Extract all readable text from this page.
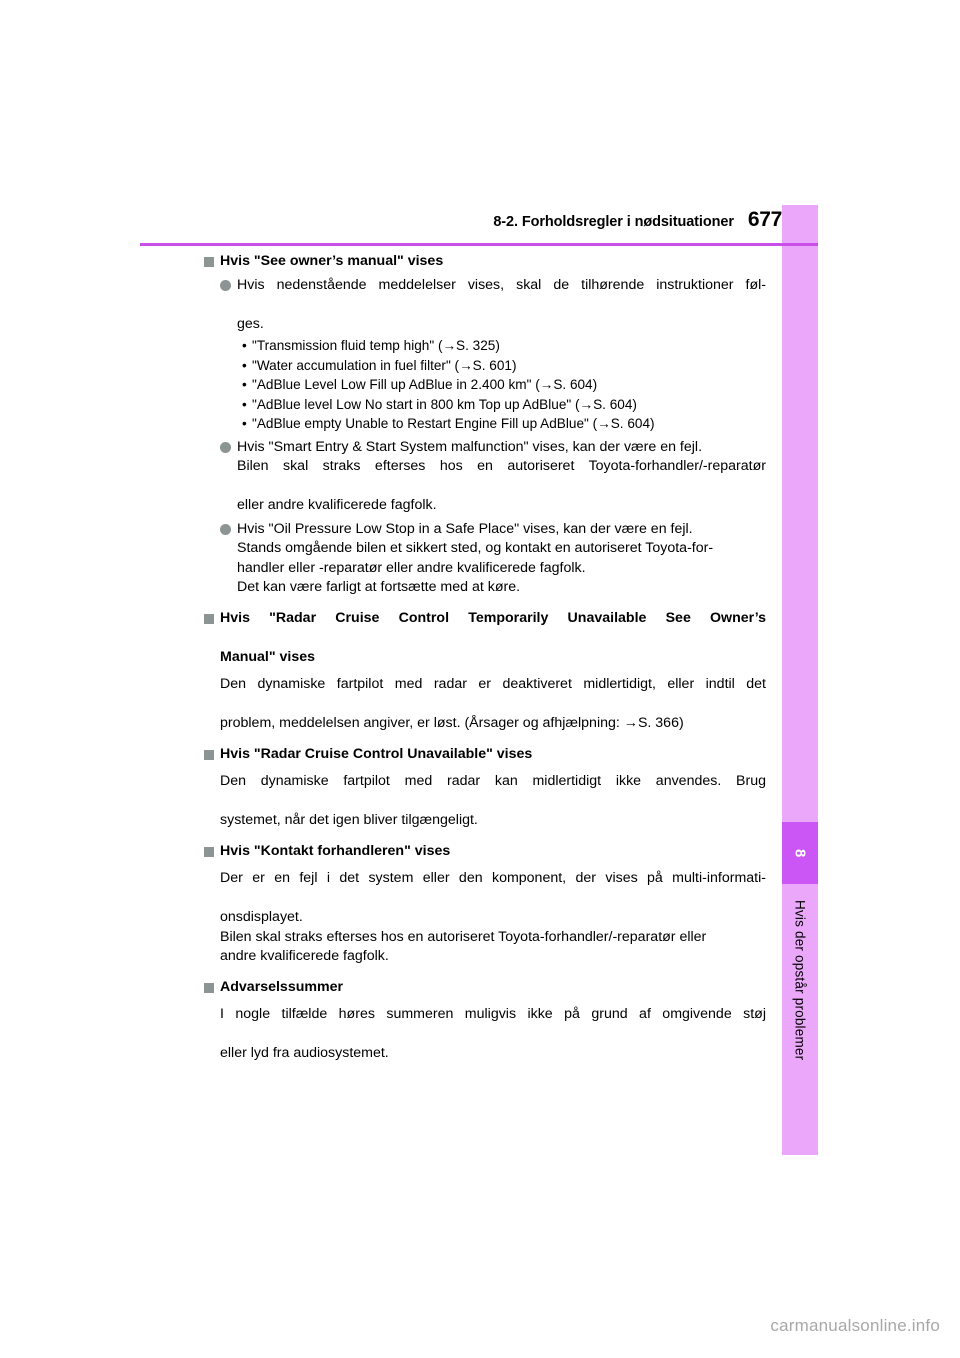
8
Hvis der opstår problemer
8-2. Forholdsregler i nødsituationer 677
Hvis "See owner’s manual" vises
Hvis nedenstående meddelelser vises, skal de tilhørende instruktioner føl-
ges.
• "Transmission fluid temp high" (→S. 325)
• "Water accumulation in fuel filter" (→S. 601)
• "AdBlue Level Low Fill up AdBlue in 2.400 km" (→S. 604)
• "AdBlue level Low No start in 800 km Top up AdBlue" (→S. 604)
• "AdBlue empty Unable to Restart Engine Fill up AdBlue" (→S. 604)
Hvis "Smart Entry & Start System malfunction" vises, kan der være en fejl.
Bilen skal straks efterses hos en autoriseret Toyota-forhandler/-reparatør
eller andre kvalificerede fagfolk.
Hvis "Oil Pressure Low Stop in a Safe Place" vises, kan der være en fejl.
Stands omgående bilen et sikkert sted, og kontakt en autoriseret Toyota-for-
handler eller -reparatør eller andre kvalificerede fagfolk.
Det kan være farligt at fortsætte med at køre.
Hvis "Radar Cruise Control Temporarily Unavailable See Owner’s
Manual" vises
Den dynamiske fartpilot med radar er deaktiveret midlertidigt, eller indtil det
problem, meddelelsen angiver, er løst. (Årsager og afhjælpning: →S. 366)
Hvis "Radar Cruise Control Unavailable" vises
Den dynamiske fartpilot med radar kan midlertidigt ikke anvendes. Brug
systemet, når det igen bliver tilgængeligt.
Hvis "Kontakt forhandleren" vises
Der er en fejl i det system eller den komponent, der vises på multi-informati-
onsdisplayet.
Bilen skal straks efterses hos en autoriseret Toyota-forhandler/-reparatør eller
andre kvalificerede fagfolk.
Advarselssummer
I nogle tilfælde høres summeren muligvis ikke på grund af omgivende støj
eller lyd fra audiosystemet.
carmanualsonline.info
